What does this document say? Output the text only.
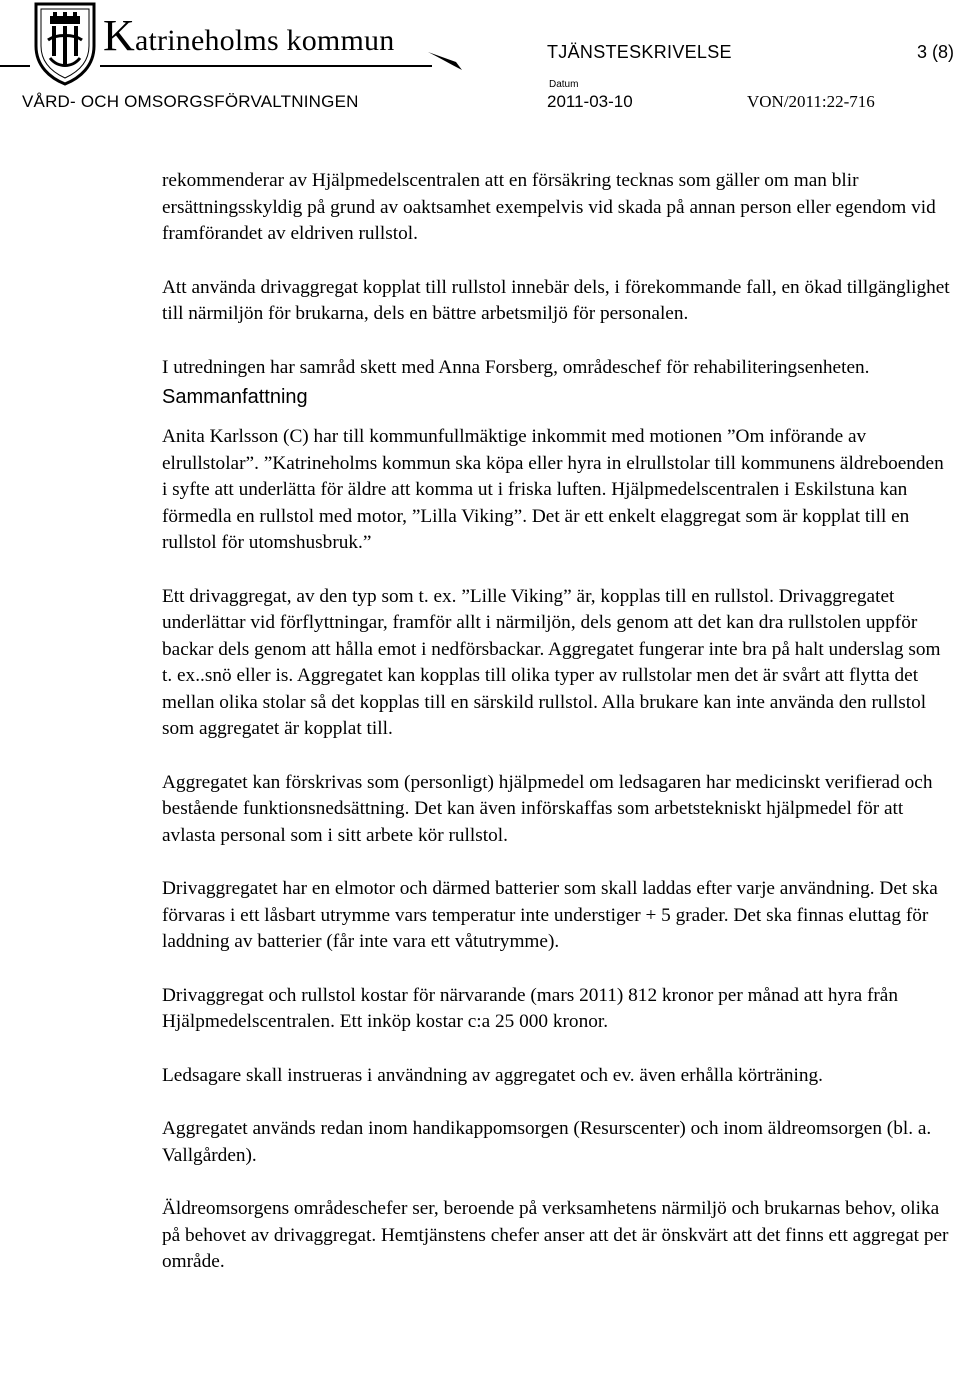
Katrineholms kommun	TJÄNSTESKRIVELSE	3 (8)
VÅRD- OCH OMSORGSFÖRVALTNINGEN
Datum
2011-03-10	VON/2011:22-716

rekommenderar av Hjälpmedelscentralen att en försäkring tecknas som gäller om man blir ersättningsskyldig på grund av oaktsamhet exempelvis vid skada på annan person eller egendom vid framförandet av eldriven rullstol.

Att använda drivaggregat kopplat till rullstol innebär dels, i förekommande fall, en ökad tillgänglighet till närmiljön för brukarna, dels en bättre arbetsmiljö för personalen.

I utredningen har samråd skett med Anna Forsberg, områdeschef för rehabiliteringsenheten.

Sammanfattning

Anita Karlsson (C) har till kommunfullmäktige inkommit med motionen ”Om införande av elrullstolar”. ”Katrineholms kommun ska köpa eller hyra in elrullstolar till kommunens äldreboenden i syfte att underlätta för äldre att komma ut i friska luften. Hjälpmedelscentralen i Eskilstuna kan förmedla en rullstol med motor, ”Lilla Viking”. Det är ett enkelt elaggregat som är kopplat till en rullstol för utomshusbruk.”

Ett drivaggregat, av den typ som t. ex. ”Lille Viking” är, kopplas till en rullstol. Drivaggregatet underlättar vid förflyttningar, framför allt i närmiljön, dels genom att det kan dra rullstolen uppför backar dels genom att hålla emot i nedförsbackar. Aggregatet fungerar inte bra på halt underslag som t. ex..snö eller is. Aggregatet kan kopplas till olika typer av rullstolar men det är svårt att flytta det mellan olika stolar så det kopplas till en särskild rullstol. Alla brukare kan inte använda den rullstol som aggregatet är kopplat till.

Aggregatet kan förskrivas som (personligt) hjälpmedel om ledsagaren har medicinskt verifierad och bestående funktionsnedsättning. Det kan även införskaffas som arbetstekniskt hjälpmedel för att avlasta personal som i sitt arbete kör rullstol.

Drivaggregatet har en elmotor och därmed batterier som skall laddas efter varje användning. Det ska förvaras i ett låsbart utrymme vars temperatur inte understiger + 5 grader. Det ska finnas eluttag för laddning av batterier (får inte vara ett våtutrymme).

Drivaggregat och rullstol kostar för närvarande (mars 2011) 812 kronor per månad att hyra från Hjälpmedelscentralen. Ett inköp kostar c:a 25 000 kronor.

Ledsagare skall instrueras i användning av aggregatet och ev. även erhålla körträning.

Aggregatet används redan inom handikappomsorgen (Resurscenter) och inom äldreomsorgen (bl. a. Vallgården).

Äldreomsorgens områdeschefer ser, beroende på verksamhetens närmiljö och brukarnas behov, olika på behovet av drivaggregat. Hemtjänstens chefer anser att det är önskvärt att det finns ett aggregat per område.
